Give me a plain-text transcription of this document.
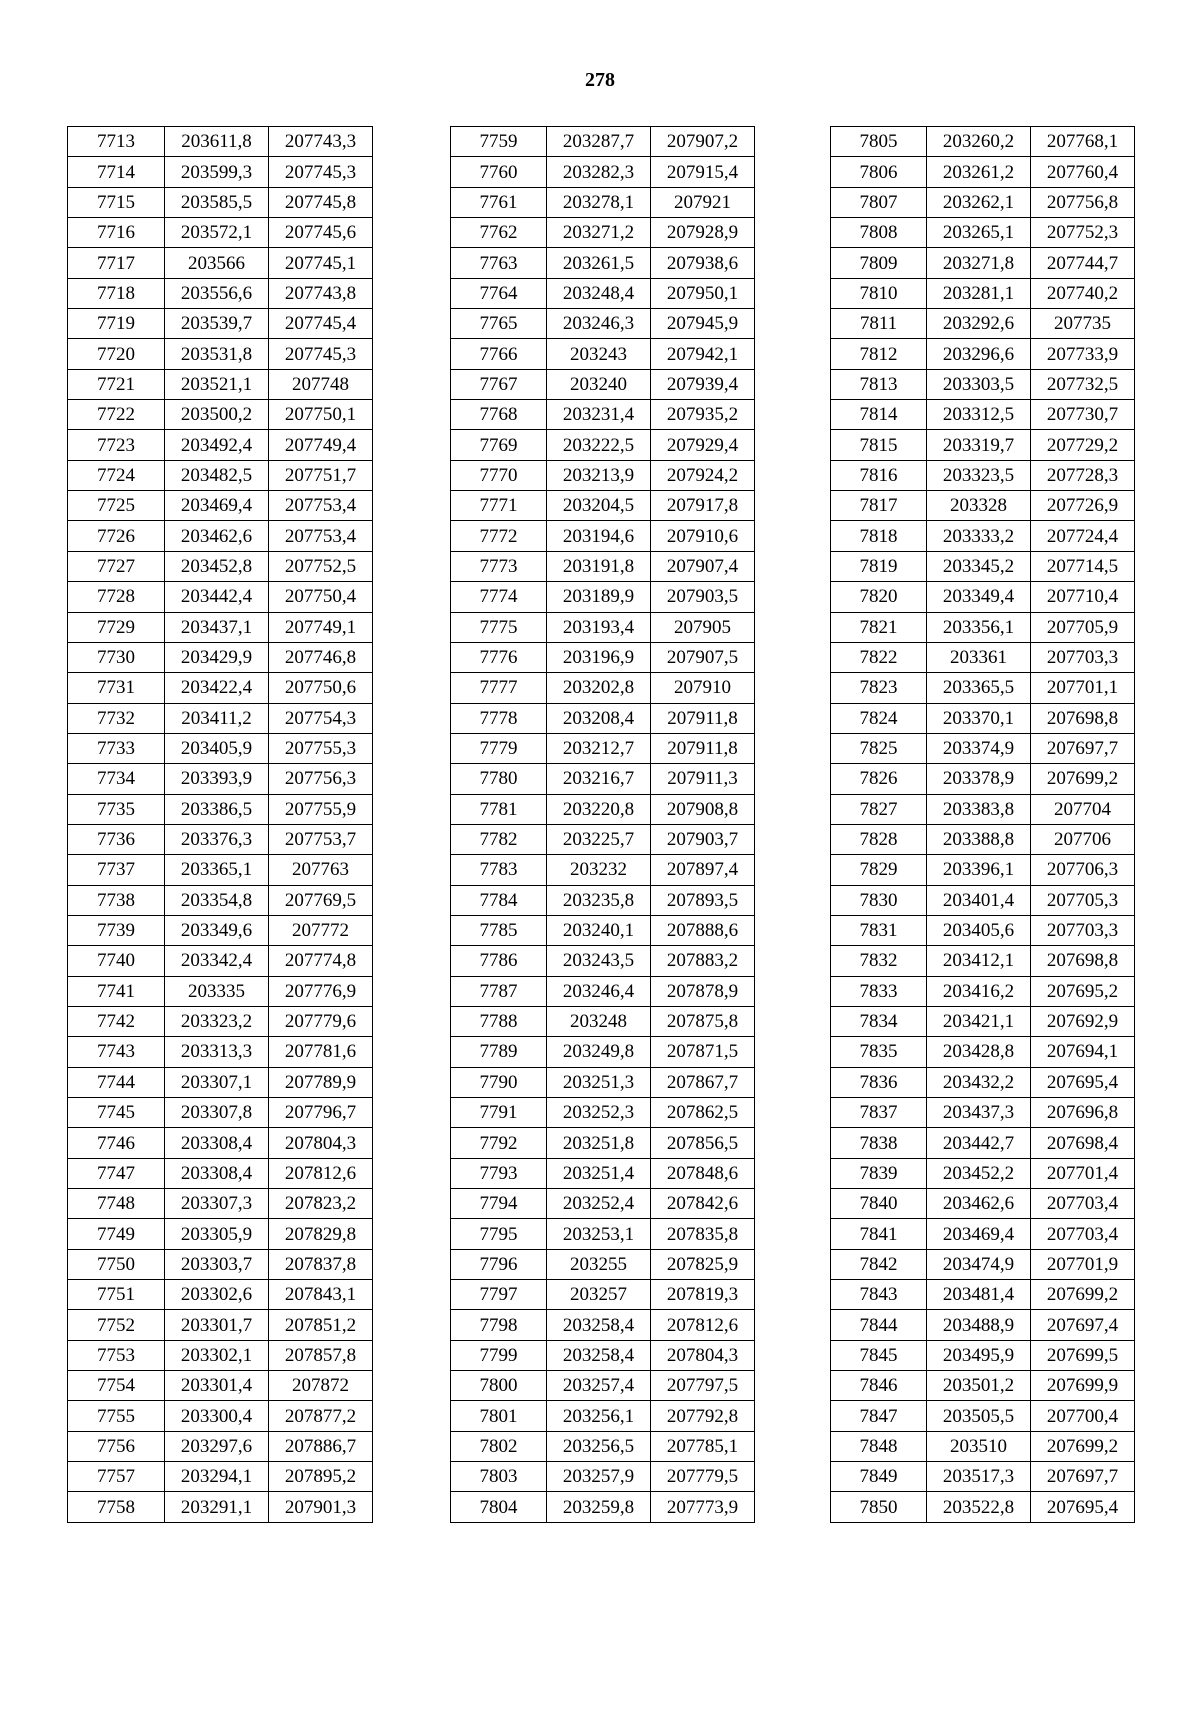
278
7713	203611,8	207743,3
7714	203599,3	207745,3
7715	203585,5	207745,8
7716	203572,1	207745,6
7717	203566	207745,1
7718	203556,6	207743,8
7719	203539,7	207745,4
7720	203531,8	207745,3
7721	203521,1	207748
7722	203500,2	207750,1
7723	203492,4	207749,4
7724	203482,5	207751,7
7725	203469,4	207753,4
7726	203462,6	207753,4
7727	203452,8	207752,5
7728	203442,4	207750,4
7729	203437,1	207749,1
7730	203429,9	207746,8
7731	203422,4	207750,6
7732	203411,2	207754,3
7733	203405,9	207755,3
7734	203393,9	207756,3
7735	203386,5	207755,9
7736	203376,3	207753,7
7737	203365,1	207763
7738	203354,8	207769,5
7739	203349,6	207772
7740	203342,4	207774,8
7741	203335	207776,9
7742	203323,2	207779,6
7743	203313,3	207781,6
7744	203307,1	207789,9
7745	203307,8	207796,7
7746	203308,4	207804,3
7747	203308,4	207812,6
7748	203307,3	207823,2
7749	203305,9	207829,8
7750	203303,7	207837,8
7751	203302,6	207843,1
7752	203301,7	207851,2
7753	203302,1	207857,8
7754	203301,4	207872
7755	203300,4	207877,2
7756	203297,6	207886,7
7757	203294,1	207895,2
7758	203291,1	207901,3
7759	203287,7	207907,2
7760	203282,3	207915,4
7761	203278,1	207921
7762	203271,2	207928,9
7763	203261,5	207938,6
7764	203248,4	207950,1
7765	203246,3	207945,9
7766	203243	207942,1
7767	203240	207939,4
7768	203231,4	207935,2
7769	203222,5	207929,4
7770	203213,9	207924,2
7771	203204,5	207917,8
7772	203194,6	207910,6
7773	203191,8	207907,4
7774	203189,9	207903,5
7775	203193,4	207905
7776	203196,9	207907,5
7777	203202,8	207910
7778	203208,4	207911,8
7779	203212,7	207911,8
7780	203216,7	207911,3
7781	203220,8	207908,8
7782	203225,7	207903,7
7783	203232	207897,4
7784	203235,8	207893,5
7785	203240,1	207888,6
7786	203243,5	207883,2
7787	203246,4	207878,9
7788	203248	207875,8
7789	203249,8	207871,5
7790	203251,3	207867,7
7791	203252,3	207862,5
7792	203251,8	207856,5
7793	203251,4	207848,6
7794	203252,4	207842,6
7795	203253,1	207835,8
7796	203255	207825,9
7797	203257	207819,3
7798	203258,4	207812,6
7799	203258,4	207804,3
7800	203257,4	207797,5
7801	203256,1	207792,8
7802	203256,5	207785,1
7803	203257,9	207779,5
7804	203259,8	207773,9
7805	203260,2	207768,1
7806	203261,2	207760,4
7807	203262,1	207756,8
7808	203265,1	207752,3
7809	203271,8	207744,7
7810	203281,1	207740,2
7811	203292,6	207735
7812	203296,6	207733,9
7813	203303,5	207732,5
7814	203312,5	207730,7
7815	203319,7	207729,2
7816	203323,5	207728,3
7817	203328	207726,9
7818	203333,2	207724,4
7819	203345,2	207714,5
7820	203349,4	207710,4
7821	203356,1	207705,9
7822	203361	207703,3
7823	203365,5	207701,1
7824	203370,1	207698,8
7825	203374,9	207697,7
7826	203378,9	207699,2
7827	203383,8	207704
7828	203388,8	207706
7829	203396,1	207706,3
7830	203401,4	207705,3
7831	203405,6	207703,3
7832	203412,1	207698,8
7833	203416,2	207695,2
7834	203421,1	207692,9
7835	203428,8	207694,1
7836	203432,2	207695,4
7837	203437,3	207696,8
7838	203442,7	207698,4
7839	203452,2	207701,4
7840	203462,6	207703,4
7841	203469,4	207703,4
7842	203474,9	207701,9
7843	203481,4	207699,2
7844	203488,9	207697,4
7845	203495,9	207699,5
7846	203501,2	207699,9
7847	203505,5	207700,4
7848	203510	207699,2
7849	203517,3	207697,7
7850	203522,8	207695,4
